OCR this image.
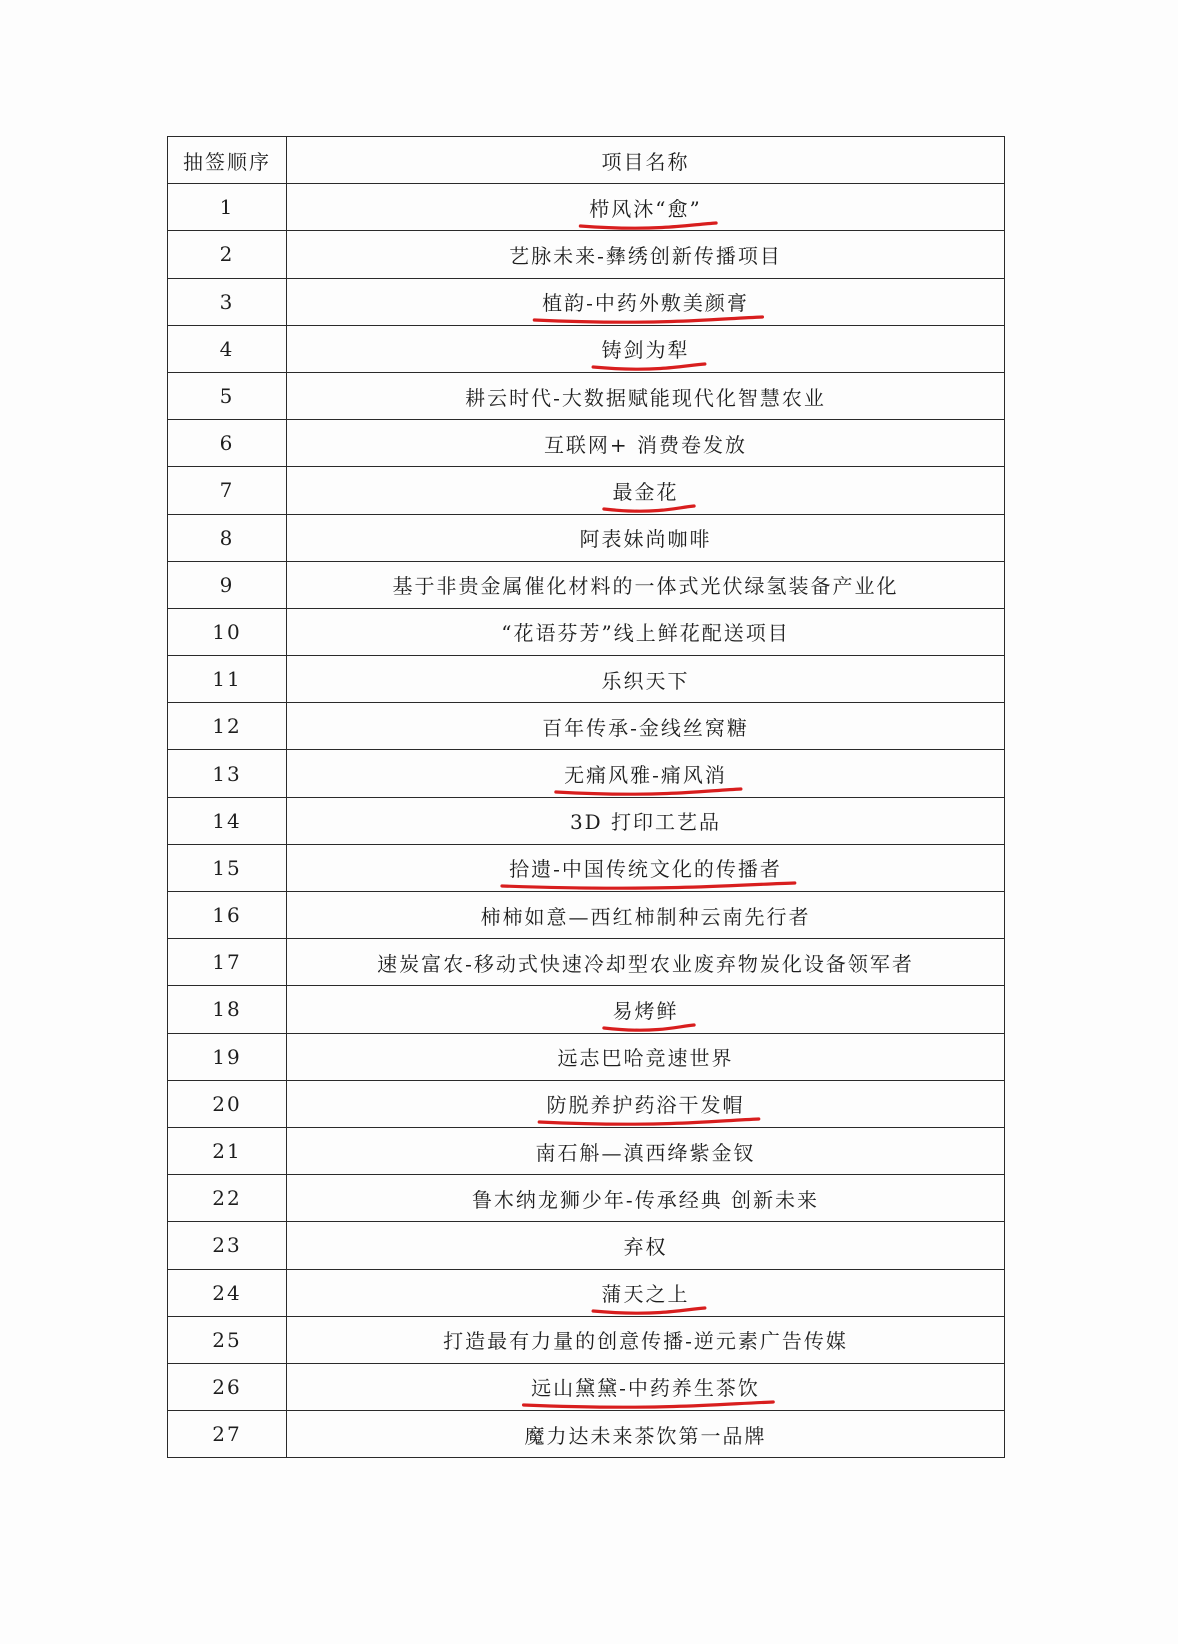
抽签顺序	项目名称
1	栉风沐“愈”

2	艺脉未来-彝绣创新传播项目
3	植韵-中药外敷美颜膏

4	铸剑为犁

5	耕云时代-大数据赋能现代化智慧农业
6	互联网+ 消费卷发放
7	最金花

8	阿表妹尚咖啡
9	基于非贵金属催化材料的一体式光伏绿氢装备产业化
10	“花语芬芳”线上鲜花配送项目
11	乐织天下
12	百年传承-金线丝窝糖
13	无痛风雅-痛风消

14	3D 打印工艺品
15	拾遗-中国传统文化的传播者

16	柿柿如意—西红柿制种云南先行者
17	速炭富农-移动式快速冷却型农业废弃物炭化设备领军者
18	易烤鲜

19	远志巴哈竞速世界
20	防脱养护药浴干发帽

21	南石斛—滇西绛紫金钗
22	鲁木纳龙狮少年-传承经典 创新未来
23	弃权
24	蒲天之上

25	打造最有力量的创意传播-逆元素广告传媒
26	远山黛黛-中药养生茶饮

27	魔力达未来茶饮第一品牌
